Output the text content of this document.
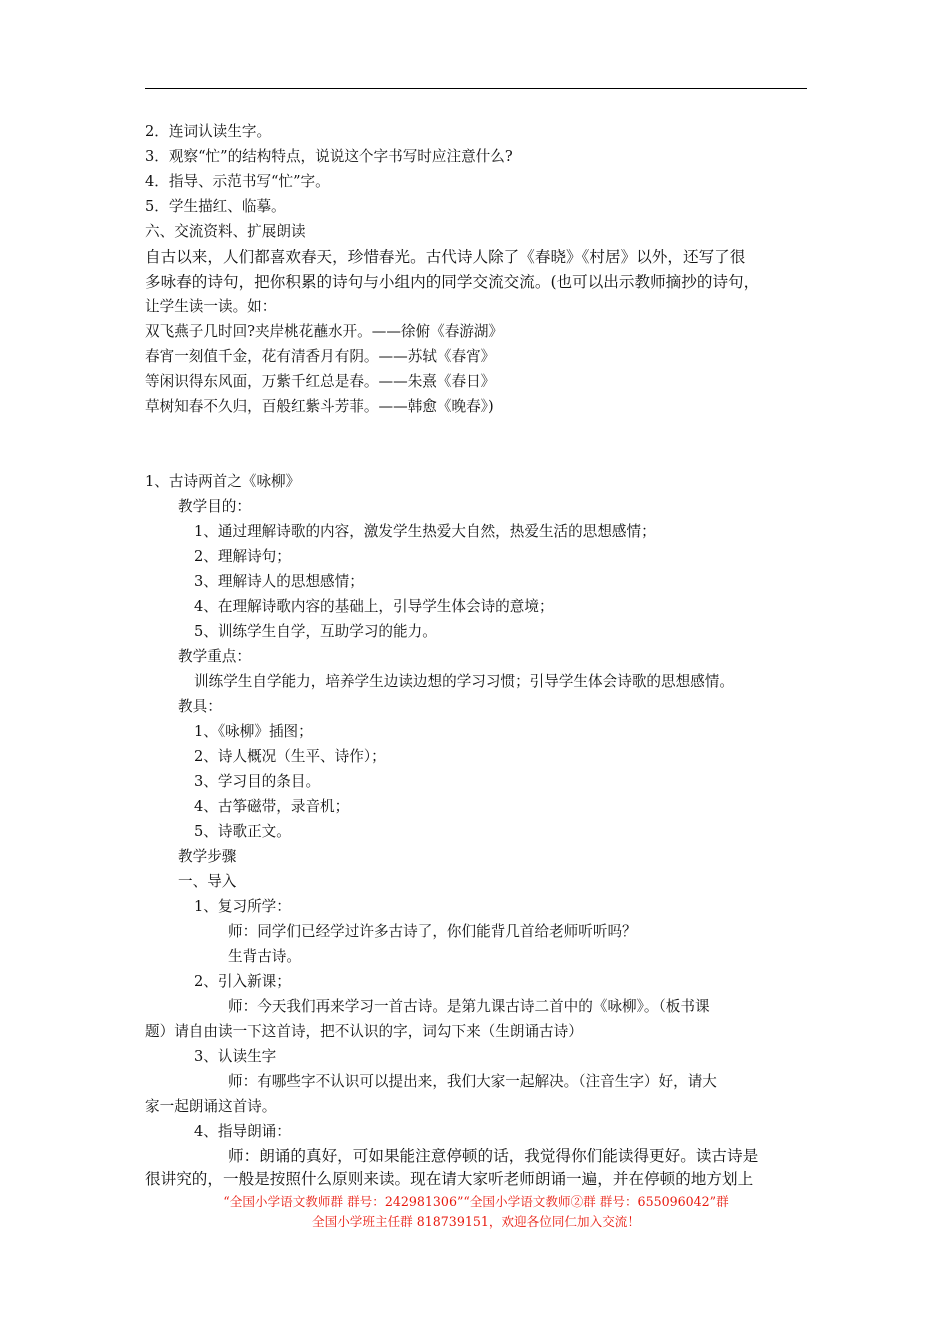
2．连词认读生字。
3．观察“忙”的结构特点，说说这个字书写时应注意什么?
4．指导、示范书写“忙”字。
5．学生描红、临摹。
六、交流资料、扩展朗读
自古以来，人们都喜欢春天，珍惜春光。古代诗人除了《春晓》《村居》以外，还写了很
多咏春的诗句，把你积累的诗句与小组内的同学交流交流。(也可以出示教师摘抄的诗句，
让学生读一读。如：
双飞燕子几时回?夹岸桃花蘸水开。——徐俯《春游湖》
春宵一刻值千金，花有清香月有阴。——苏轼《春宵》
等闲识得东风面，万紫千红总是春。——朱熹《春日》
草树知春不久归，百般红紫斗芳菲。——韩愈《晚春》)
1、古诗两首之《咏柳》
教学目的：
1、通过理解诗歌的内容，激发学生热爱大自然，热爱生活的思想感情；
2、理解诗句；
3、理解诗人的思想感情；
4、在理解诗歌内容的基础上，引导学生体会诗的意境；
5、训练学生自学，互助学习的能力。
教学重点：
训练学生自学能力，培养学生边读边想的学习习惯；引导学生体会诗歌的思想感情。
教具：
1、《咏柳》插图；
2、诗人概况（生平、诗作）；
3、学习目的条目。
4、古筝磁带，录音机；
5、诗歌正文。
教学步骤
一、导入
1、复习所学：
师：同学们已经学过许多古诗了，你们能背几首给老师听听吗？
生背古诗。
2、引入新课；
师：今天我们再来学习一首古诗。是第九课古诗二首中的《咏柳》。（板书课
题）请自由读一下这首诗，把不认识的字，词勾下来（生朗诵古诗）
3、认读生字
师：有哪些字不认识可以提出来，我们大家一起解决。（注音生字）好，请大
家一起朗诵这首诗。
4、指导朗诵：
师：朗诵的真好，可如果能注意停顿的话，我觉得你们能读得更好。读古诗是
很讲究的，一般是按照什么原则来读。现在请大家听老师朗诵一遍，并在停顿的地方划上
“全国小学语文教师群 群号：242981306”“全国小学语文教师②群 群号：655096042”群
全国小学班主任群 818739151，欢迎各位同仁加入交流！
